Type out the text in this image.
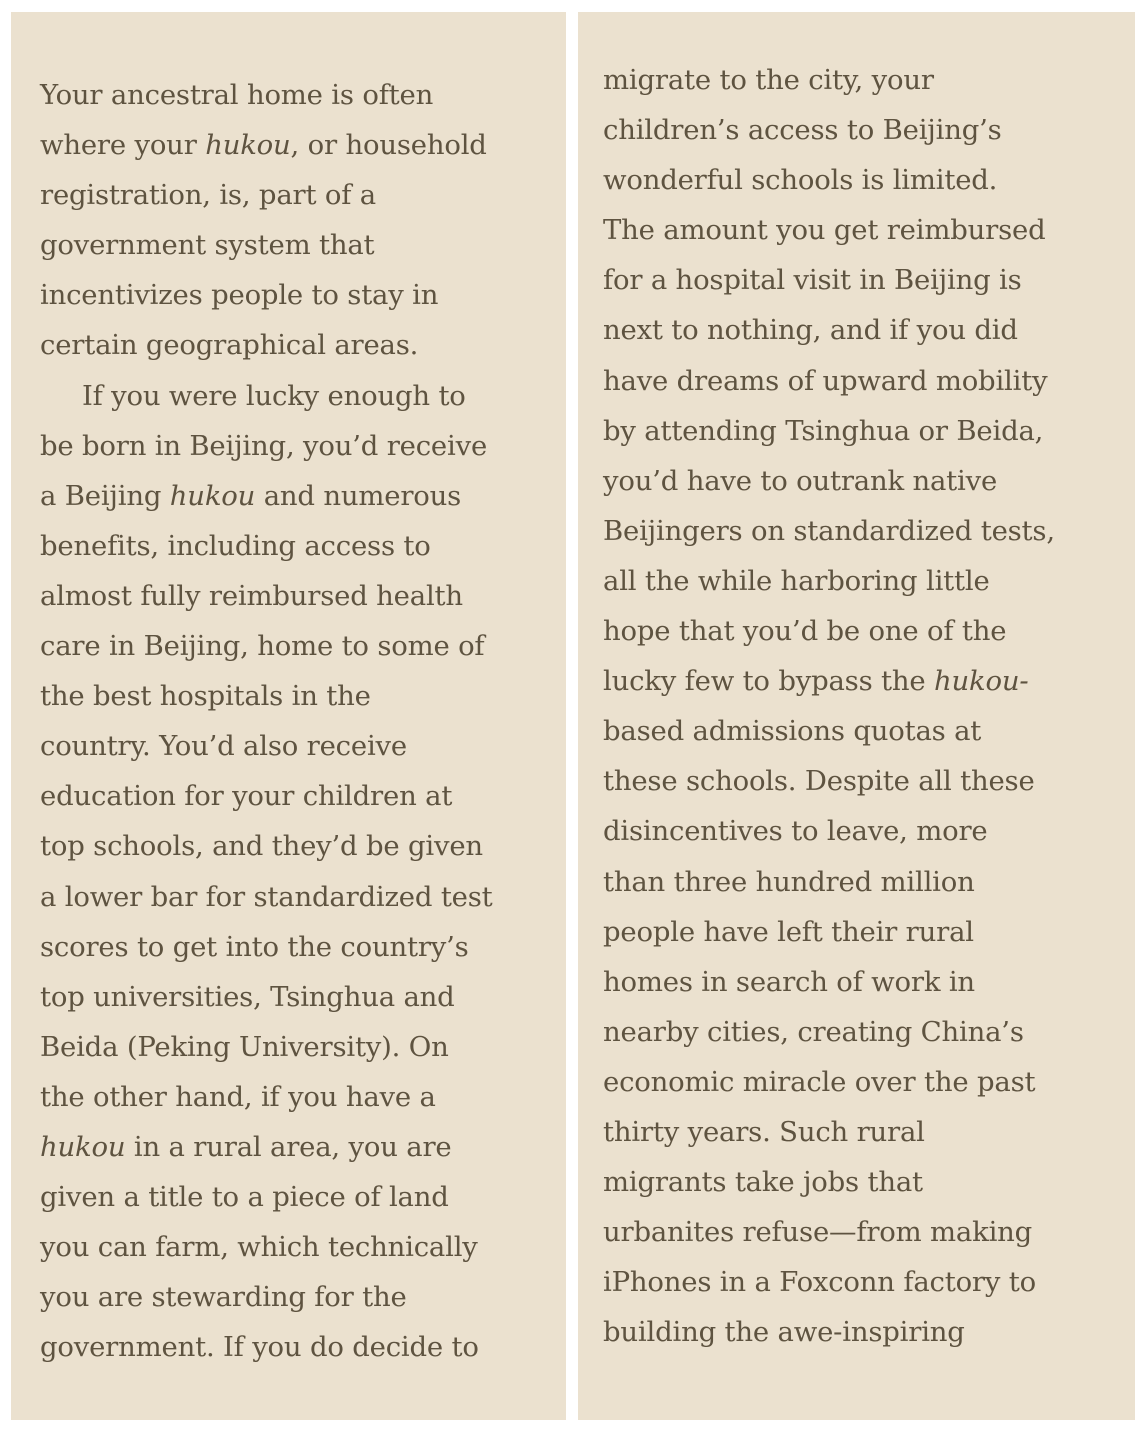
Your ancestral home is often
where your hukou, or household
registration, is, part of a
government system that
incentivizes people to stay in
certain geographical areas.
If you were lucky enough to
be born in Beijing, you’d receive
a Beijing hukou and numerous
benefits, including access to
almost fully reimbursed health
care in Beijing, home to some of
the best hospitals in the
country. You’d also receive
education for your children at
top schools, and they’d be given
a lower bar for standardized test
scores to get into the country’s
top universities, Tsinghua and
Beida (Peking University). On
the other hand, if you have a
hukou in a rural area, you are
given a title to a piece of land
you can farm, which technically
you are stewarding for the
government. If you do decide to
migrate to the city, your
children’s access to Beijing’s
wonderful schools is limited.
The amount you get reimbursed
for a hospital visit in Beijing is
next to nothing, and if you did
have dreams of upward mobility
by attending Tsinghua or Beida,
you’d have to outrank native
Beijingers on standardized tests,
all the while harboring little
hope that you’d be one of the
lucky few to bypass the hukou-
based admissions quotas at
these schools. Despite all these
disincentives to leave, more
than three hundred million
people have left their rural
homes in search of work in
nearby cities, creating China’s
economic miracle over the past
thirty years. Such rural
migrants take jobs that
urbanites refuse—from making
iPhones in a Foxconn factory to
building the awe-inspiring
